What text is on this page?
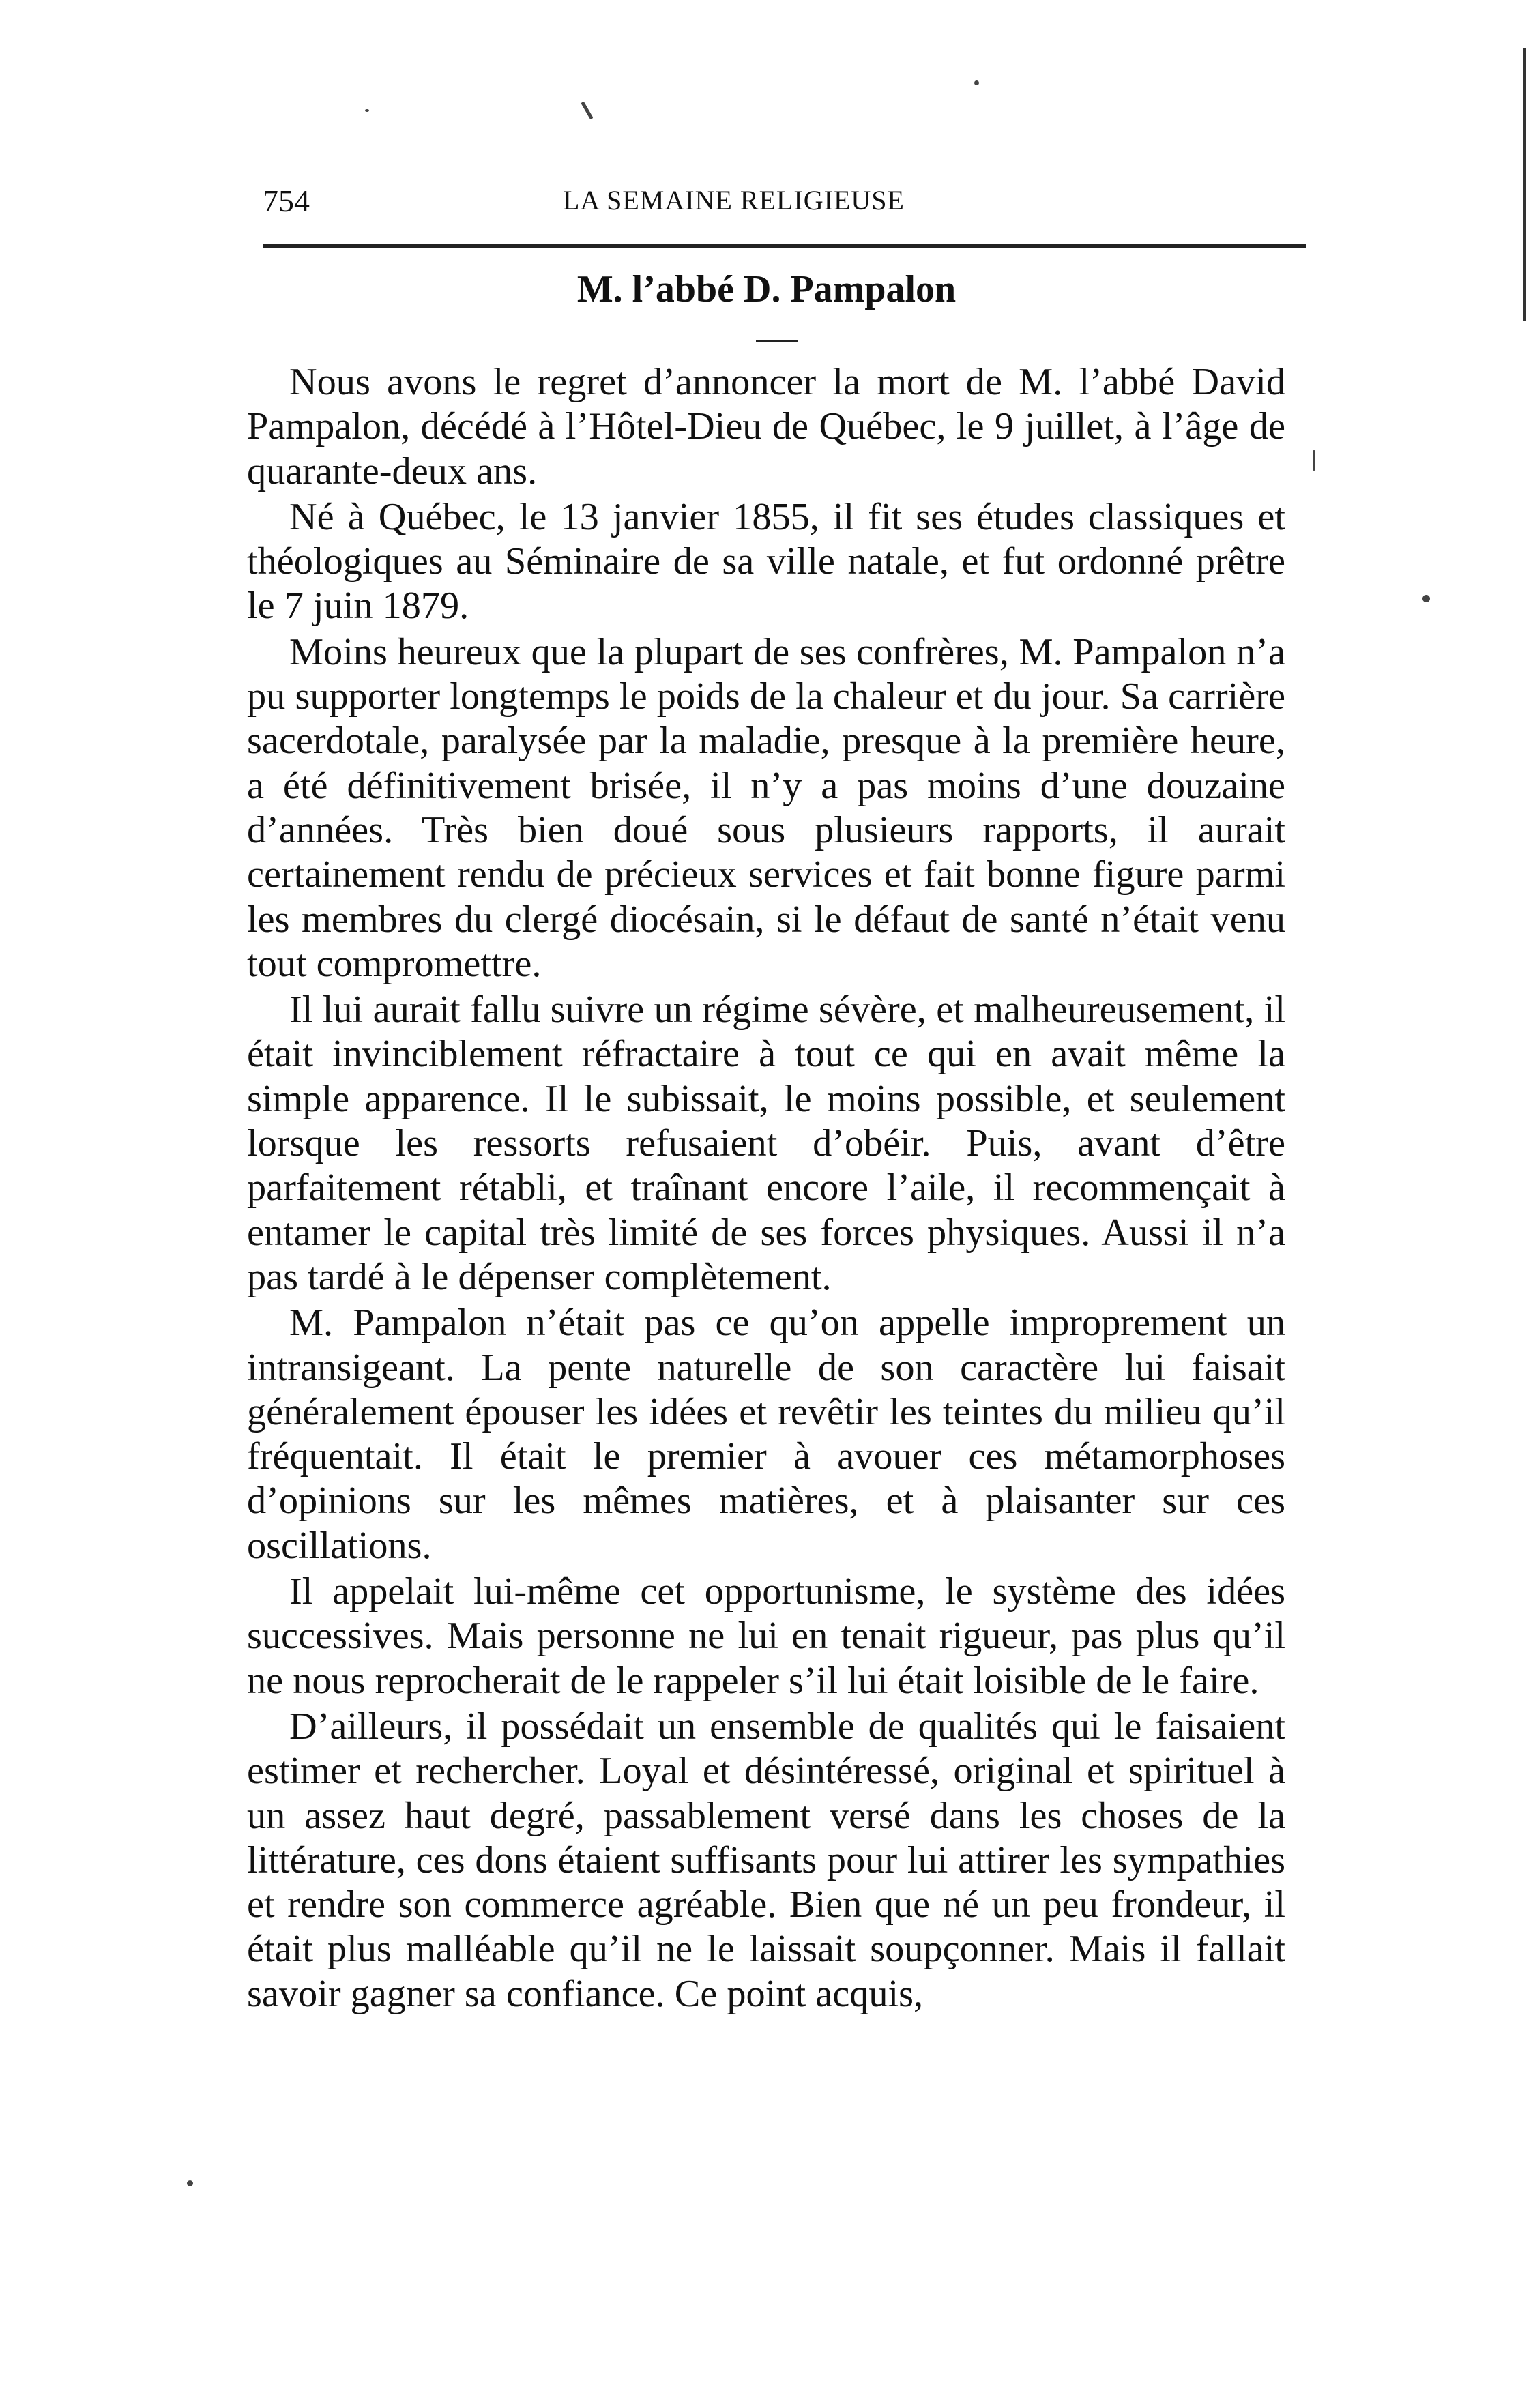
754	LA SEMAINE RELIGIEUSE
M. l’abbé D. Pampalon

Nous avons le regret d’annoncer la mort de M. l’abbé David Pampalon, décédé à l’Hôtel-Dieu de Québec, le 9 juillet, à l’âge de quarante-deux ans.

Né à Québec, le 13 janvier 1855, il fit ses études classiques et théologiques au Séminaire de sa ville natale, et fut ordonné prêtre le 7 juin 1879.

Moins heureux que la plupart de ses confrères, M. Pampalon n’a pu supporter longtemps le poids de la chaleur et du jour. Sa carrière sacerdotale, paralysée par la maladie, presque à la première heure, a été définitivement brisée, il n’y a pas moins d’une douzaine d’années. Très bien doué sous plusieurs rapports, il aurait certainement rendu de précieux services et fait bonne figure parmi les membres du clergé diocésain, si le défaut de santé n’était venu tout compromettre.

Il lui aurait fallu suivre un régime sévère, et malheureusement, il était invinciblement réfractaire à tout ce qui en avait même la simple apparence. Il le subissait, le moins possible, et seulement lorsque les ressorts refusaient d’obéir. Puis, avant d’être parfaitement rétabli, et traînant encore l’aile, il recommençait à entamer le capital très limité de ses forces physiques. Aussi il n’a pas tardé à le dépenser complètement.

M. Pampalon n’était pas ce qu’on appelle improprement un intransigeant. La pente naturelle de son caractère lui faisait généralement épouser les idées et revêtir les teintes du milieu qu’il fréquentait. Il était le premier à avouer ces métamorphoses d’opinions sur les mêmes matières, et à plaisanter sur ces oscillations.

Il appelait lui-même cet opportunisme, le système des idées successives. Mais personne ne lui en tenait rigueur, pas plus qu’il ne nous reprocherait de le rappeler s’il lui était loisible de le faire.

D’ailleurs, il possédait un ensemble de qualités qui le faisaient estimer et rechercher. Loyal et désintéressé, original et spirituel à un assez haut degré, passablement versé dans les choses de la littérature, ces dons étaient suffisants pour lui attirer les sympathies et rendre son commerce agréable. Bien que né un peu frondeur, il était plus malléable qu’il ne le laissait soupçonner. Mais il fallait savoir gagner sa confiance. Ce point acquis,
